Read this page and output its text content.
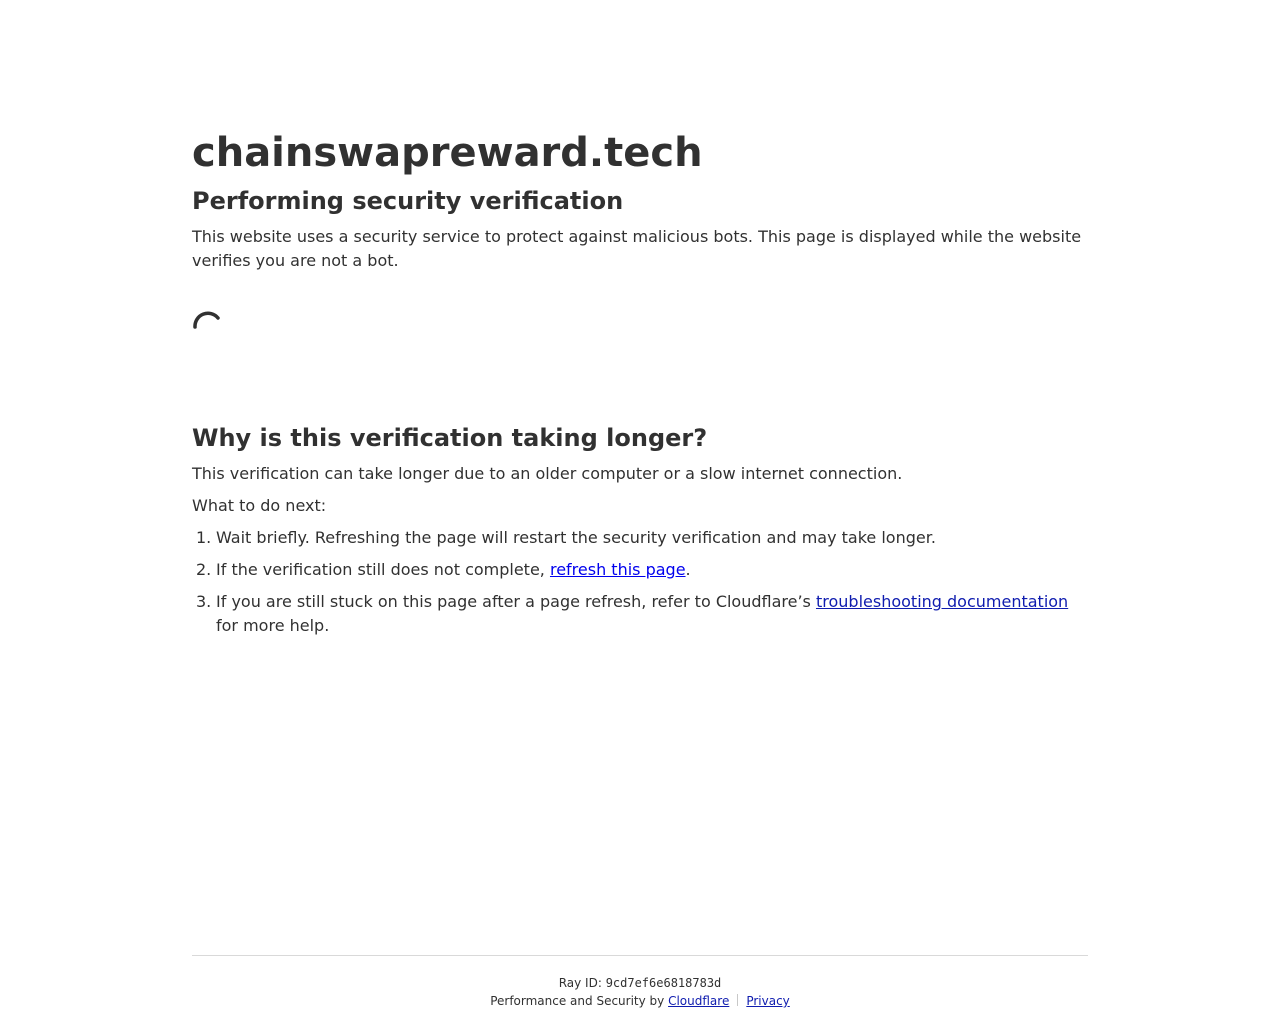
chainswapreward.tech
Performing security verification

This website uses a security service to protect against malicious bots. This page is displayed while the website verifies you are not a bot.

Why is this verification taking longer?

This verification can take longer due to an older computer or a slow internet connection.

What to do next:

1. Wait briefly. Refreshing the page will restart the security verification and may take longer.
2. If the verification still does not complete, refresh this page.
3. If you are still stuck on this page after a page refresh, refer to Cloudflare’s troubleshooting documentation for more help.
Ray ID: 9cd7ef6e6818783d
Performance and Security by Cloudflare Privacy
